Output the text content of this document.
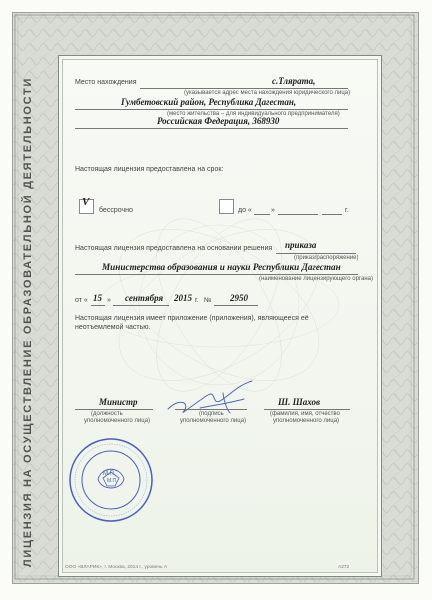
ЛИЦЕНЗИЯ НА ОСУЩЕСТВЛЕНИЕ ОБРАЗОВАТЕЛЬНОЙ ДЕЯТЕЛЬНОСТИ	Место нахождения	с.Тлярата,
(указывается адрес места нахождения юридического лица)
Гумбетовский район, Республика Дагестан,
(место жительства – для индивидуального предпринимателя)
Российская Федерация, 368930
Настоящая лицензия предоставлена на срок:
V
бессрочно	до «	»	г.
Настоящая лицензия предоставлена на основании решения приказа
(приказ/распоряжение)
Министерства образования и науки Республики Дагестан
(наименование лицензирующего органа)
от « 15 » сентября 2015 г. № 2950
Настоящая лицензия имеет приложение (приложения), являющееся её
неотъемлемой частью.
Министр
(должность
уполномоченного лица)
(подпись
уполномоченного лица)
Ш. Шахов
(фамилия, имя, отчество
уполномоченного лица)
М.П.
М.П.
ООО «ВЛАРИК», г. Москва, 2014 г., уровень А	А272
